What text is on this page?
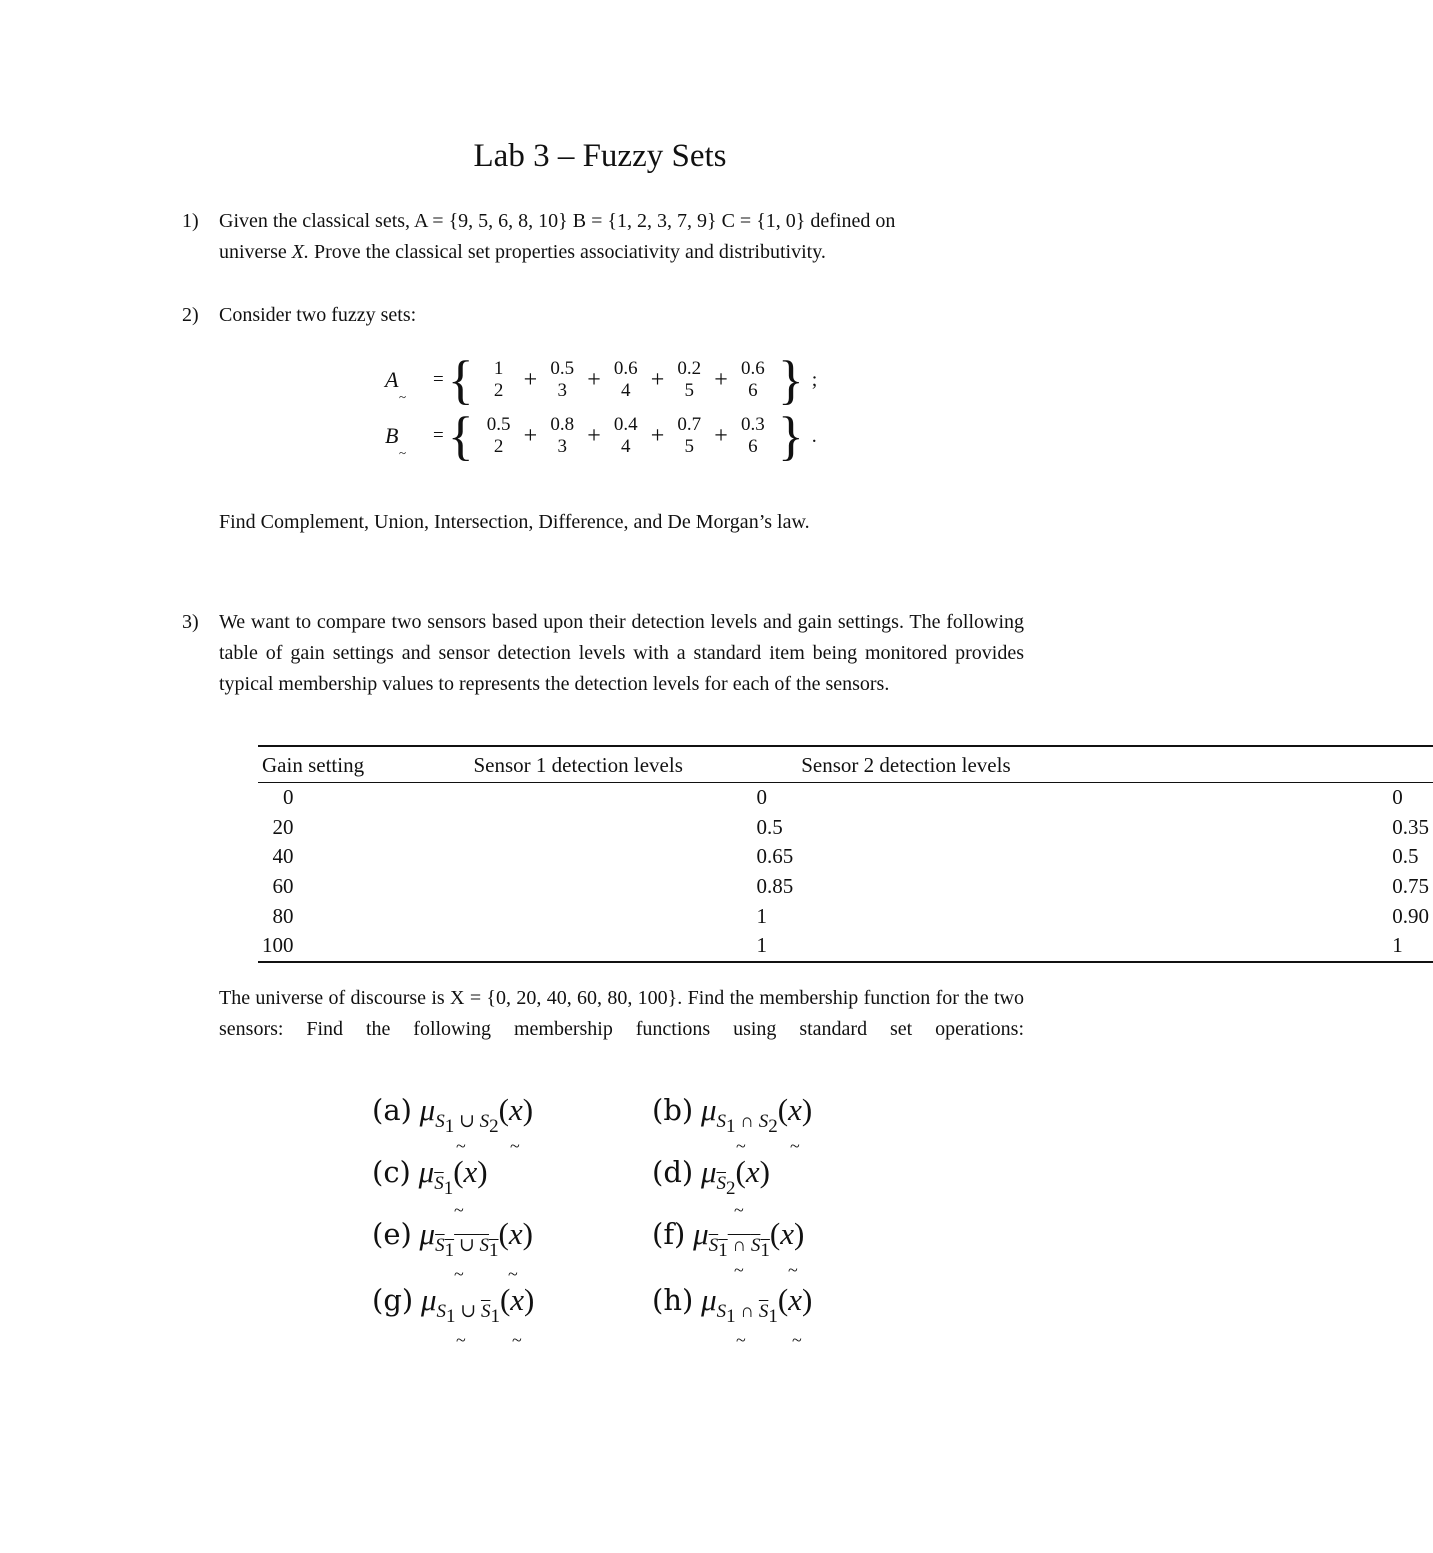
Lab 3 – Fuzzy Sets
1) Given the classical sets, A = {9, 5, 6, 8, 10} B = {1, 2, 3, 7, 9} C = {1, 0} defined on
universe X. Prove the classical set properties associativity and distributivity.
2) Consider two fuzzy sets:
A
~
= { 1
2 + 0.5
3 + 0.6
4 + 0.2
5 + 0.6
6 } ;
B
~
= { 0.5
2 + 0.8
3 + 0.4
4 + 0.7
5 + 0.3
6 } .
Find Complement, Union, Intersection, Difference, and De Morgan’s law.
3) We want to compare two sensors based upon their detection levels and gain settings. The following table of gain settings and sensor detection levels with a standard item being monitored provides typical membership values to represents the detection levels for each of the sensors.
Gain setting	Sensor 1 detection levels	Sensor 2 detection levels
0	0	0
20	0.5	0.35
40	0.65	0.5
60	0.85	0.75
80	1	0.90
100	1	1
The universe of discourse is X = {0, 20, 40, 60, 80, 100}. Find the membership function for the two sensors: Find the following membership functions using standard set operations:
(a) $\mu_{S_1 \cup S_2}(x)$	(b) $\mu_{S_1 \cap S_2}(x)$
(c) $\mu_{\overline{S}_1}(x)$	(d) $\mu_{\overline{S}_2}(x)$
(e) $\mu_{S_1 \cup S_1}(x)$	(f) $\mu_{S_1 \cap S_1}(x)$
(g) $\mu_{S_1 \cup \overline{S}_1}(x)$	(h) $\mu_{S_1 \cap \overline{S}_1}(x)$
~ ~	~ ~
~	~
~ ~	~ ~
~	~	~	~
